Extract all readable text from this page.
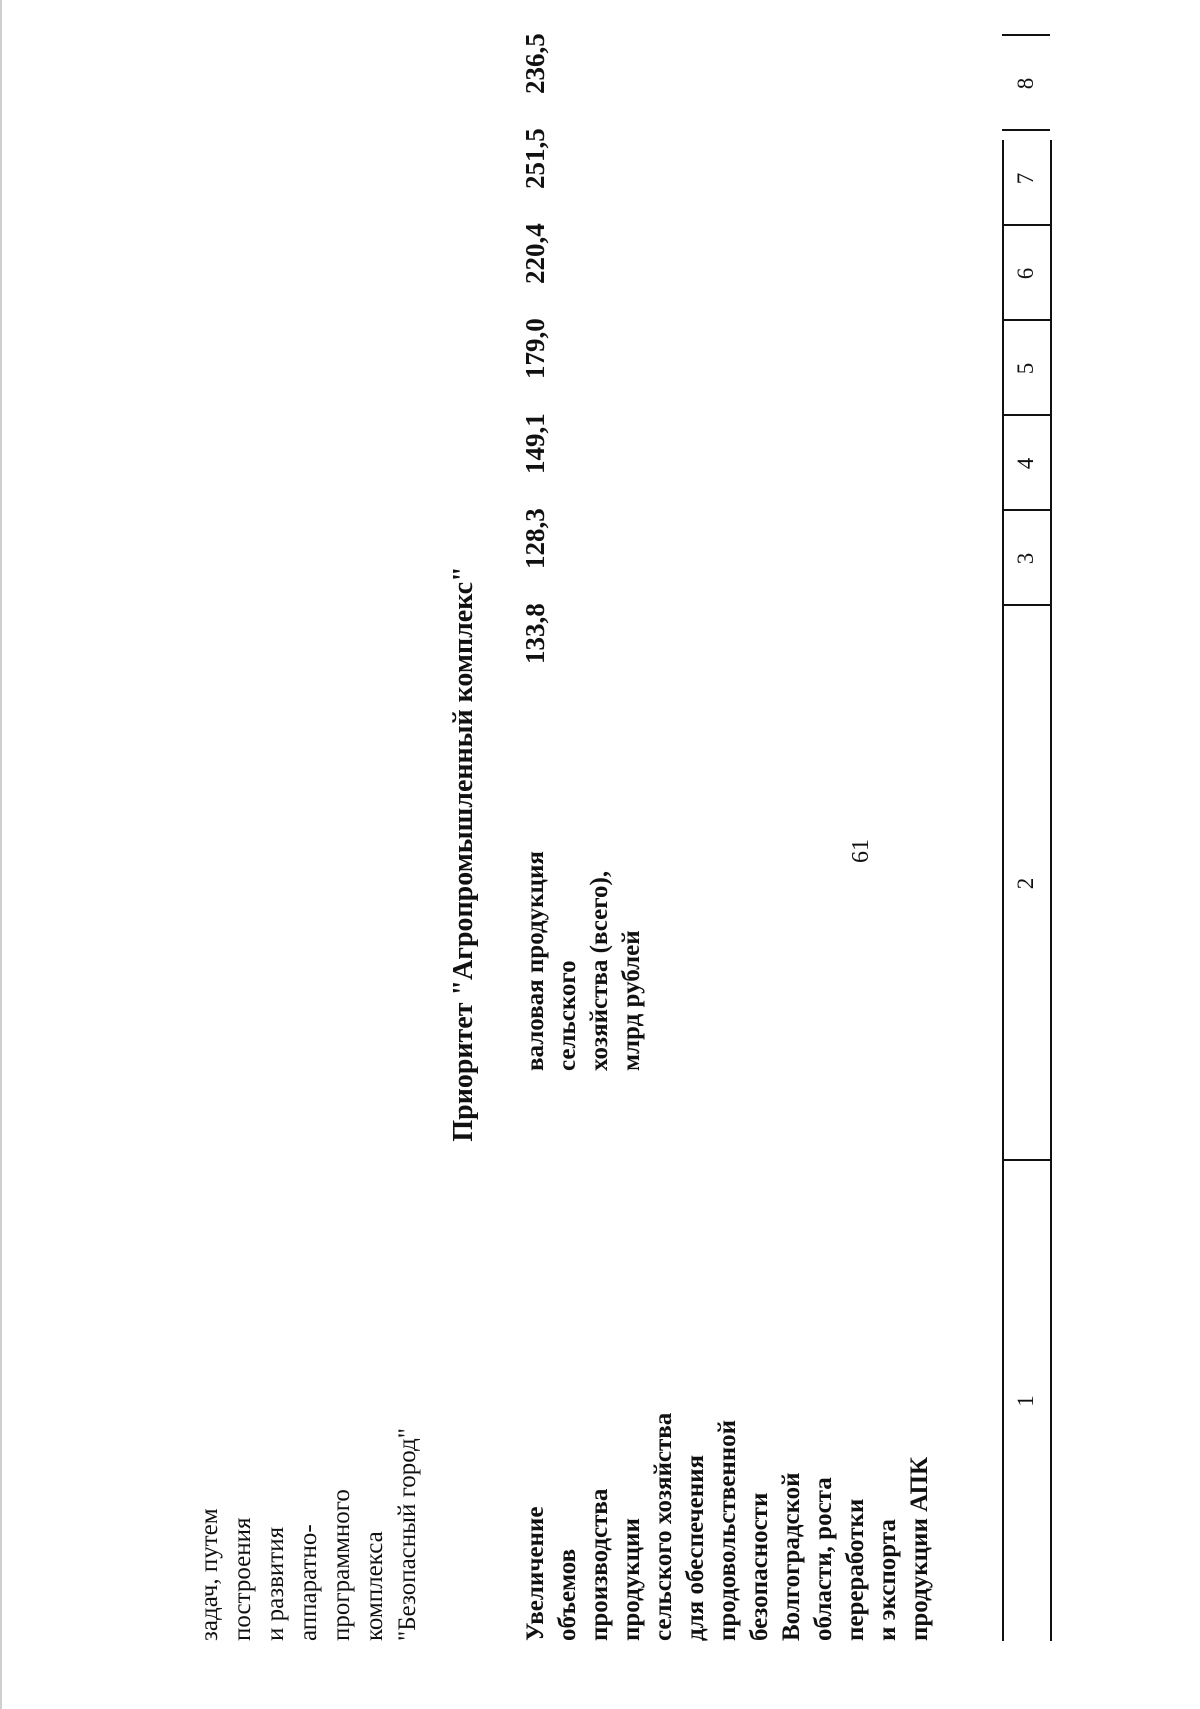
61
1
2
3
4
5
6
7
8
задач, путем построения и развития аппаратно- программного комплекса "Безопасный город"
Приоритет "Агропромышленный комплекс"
Увеличение объемов производства продукции сельского хозяйства для обеспечения продовольственной безопасности Волгоградской области, роста переработки и экспорта продукции АПК
валовая продукция сельского хозяйства (всего), млрд рублей
133,8
128,3
149,1
179,0
220,4
251,5
236,5
